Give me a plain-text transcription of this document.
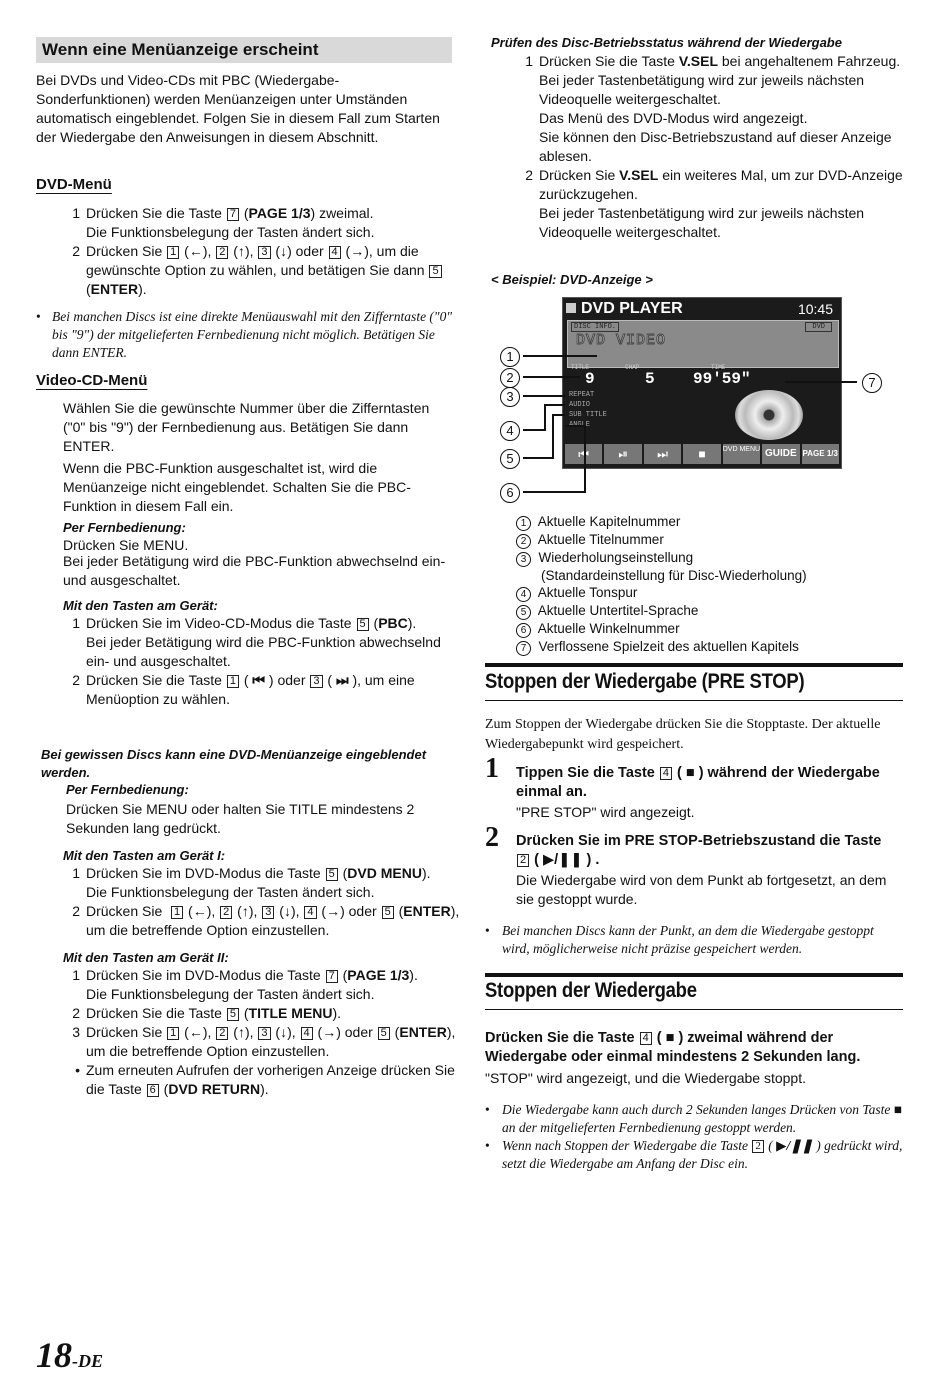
Wenn eine Menüanzeige erscheint
Bei DVDs und Video-CDs mit PBC (Wiedergabe-Sonderfunktionen) werden Menüanzeigen unter Umständen automatisch eingeblendet. Folgen Sie in diesem Fall zum Starten der Wiedergabe den Anweisungen in diesem Abschnitt.
DVD-Menü
1 Drücken Sie die Taste 7 (PAGE 1/3) zweimal.
Die Funktionsbelegung der Tasten ändert sich.
2 Drücken Sie 1 (←), 2 (↑), 3 (↓) oder 4 (→), um die gewünschte Option zu wählen, und betätigen Sie dann 5 (ENTER).
• Bei manchen Discs ist eine direkte Menüauswahl mit den Zifferntaste ("0" bis "9") der mitgelieferten Fernbedienung nicht möglich. Betätigen Sie dann ENTER.
Video-CD-Menü
Wählen Sie die gewünschte Nummer über die Zifferntasten ("0" bis "9") der Fernbedienung aus. Betätigen Sie dann ENTER.
Wenn die PBC-Funktion ausgeschaltet ist, wird die Menüanzeige nicht eingeblendet. Schalten Sie die PBC-Funktion in diesem Fall ein.
Per Fernbedienung:
Drücken Sie MENU.
Bei jeder Betätigung wird die PBC-Funktion abwechselnd ein- und ausgeschaltet.
Mit den Tasten am Gerät:
1 Drücken Sie im Video-CD-Modus die Taste 5 (PBC).
Bei jeder Betätigung wird die PBC-Funktion abwechselnd ein- und ausgeschaltet.
2 Drücken Sie die Taste 1 ( ⏮ ) oder 3 ( ⏭ ), um eine Menüoption zu wählen.
Bei gewissen Discs kann eine DVD-Menüanzeige eingeblendet werden.
Per Fernbedienung:
Drücken Sie MENU oder halten Sie TITLE mindestens 2 Sekunden lang gedrückt.
Mit den Tasten am Gerät I:
1 Drücken Sie im DVD-Modus die Taste 5 (DVD MENU).
Die Funktionsbelegung der Tasten ändert sich.
2 Drücken Sie  1 (←), 2 (↑), 3 (↓), 4 (→) oder 5 (ENTER), um die betreffende Option einzustellen.
Mit den Tasten am Gerät II:
1 Drücken Sie im DVD-Modus die Taste 7 (PAGE 1/3).
Die Funktionsbelegung der Tasten ändert sich.
2 Drücken Sie die Taste 5 (TITLE MENU).
3 Drücken Sie 1 (←), 2 (↑), 3 (↓), 4 (→) oder 5 (ENTER), um die betreffende Option einzustellen.
• Zum erneuten Aufrufen der vorherigen Anzeige drücken Sie die Taste 6 (DVD RETURN).
18-DE
Prüfen des Disc-Betriebsstatus während der Wiedergabe
1 Drücken Sie die Taste V.SEL bei angehaltenem Fahrzeug.
Bei jeder Tastenbetätigung wird zur jeweils nächsten Videoquelle weitergeschaltet.
Das Menü des DVD-Modus wird angezeigt.
Sie können den Disc-Betriebszustand auf dieser Anzeige ablesen.
2 Drücken Sie V.SEL ein weiteres Mal, um zur DVD-Anzeige zurückzugehen.
Bei jeder Tastenbetätigung wird zur jeweils nächsten Videoquelle weitergeschaltet.
< Beispiel: DVD-Anzeige >
DVD PLAYER	10:45
DISC INFO.	DVD
DVD VIDEO
TITLE	CHAP	TIME
9	5 99'59"
REPEAT
AUDIO
SUB TITLE
ANGLE
⏮	⏯	⏭	■	DVD MENU GUIDE PAGE 1/3
1
2
3
4
5
6
7
1 Aktuelle Kapitelnummer
2 Aktuelle Titelnummer
3 Wiederholungseinstellung
(Standardeinstellung für Disc-Wiederholung)
4 Aktuelle Tonspur
5 Aktuelle Untertitel-Sprache
6 Aktuelle Winkelnummer
7 Verflossene Spielzeit des aktuellen Kapitels
Stoppen der Wiedergabe (PRE STOP)
Zum Stoppen der Wiedergabe drücken Sie die Stopptaste. Der aktuelle Wiedergabepunkt wird gespeichert.
1 Tippen Sie die Taste 4 ( ■ ) während der Wiedergabe einmal an.
"PRE STOP" wird angezeigt.
2 Drücken Sie im PRE STOP-Betriebszustand die Taste 2 ( ▶/❚❚ ) .
Die Wiedergabe wird von dem Punkt ab fortgesetzt, an dem sie gestoppt wurde.
• Bei manchen Discs kann der Punkt, an dem die Wiedergabe gestoppt wird, möglicherweise nicht präzise gespeichert werden.
Stoppen der Wiedergabe
Drücken Sie die Taste 4 ( ■ ) zweimal während der Wiedergabe oder einmal mindestens 2 Sekunden lang.
"STOP" wird angezeigt, und die Wiedergabe stoppt.
• Die Wiedergabe kann auch durch 2 Sekunden langes Drücken von Taste ■ an der mitgelieferten Fernbedienung gestoppt werden.
• Wenn nach Stoppen der Wiedergabe die Taste 2 ( ▶/❚❚ ) gedrückt wird, setzt die Wiedergabe am Anfang der Disc ein.
